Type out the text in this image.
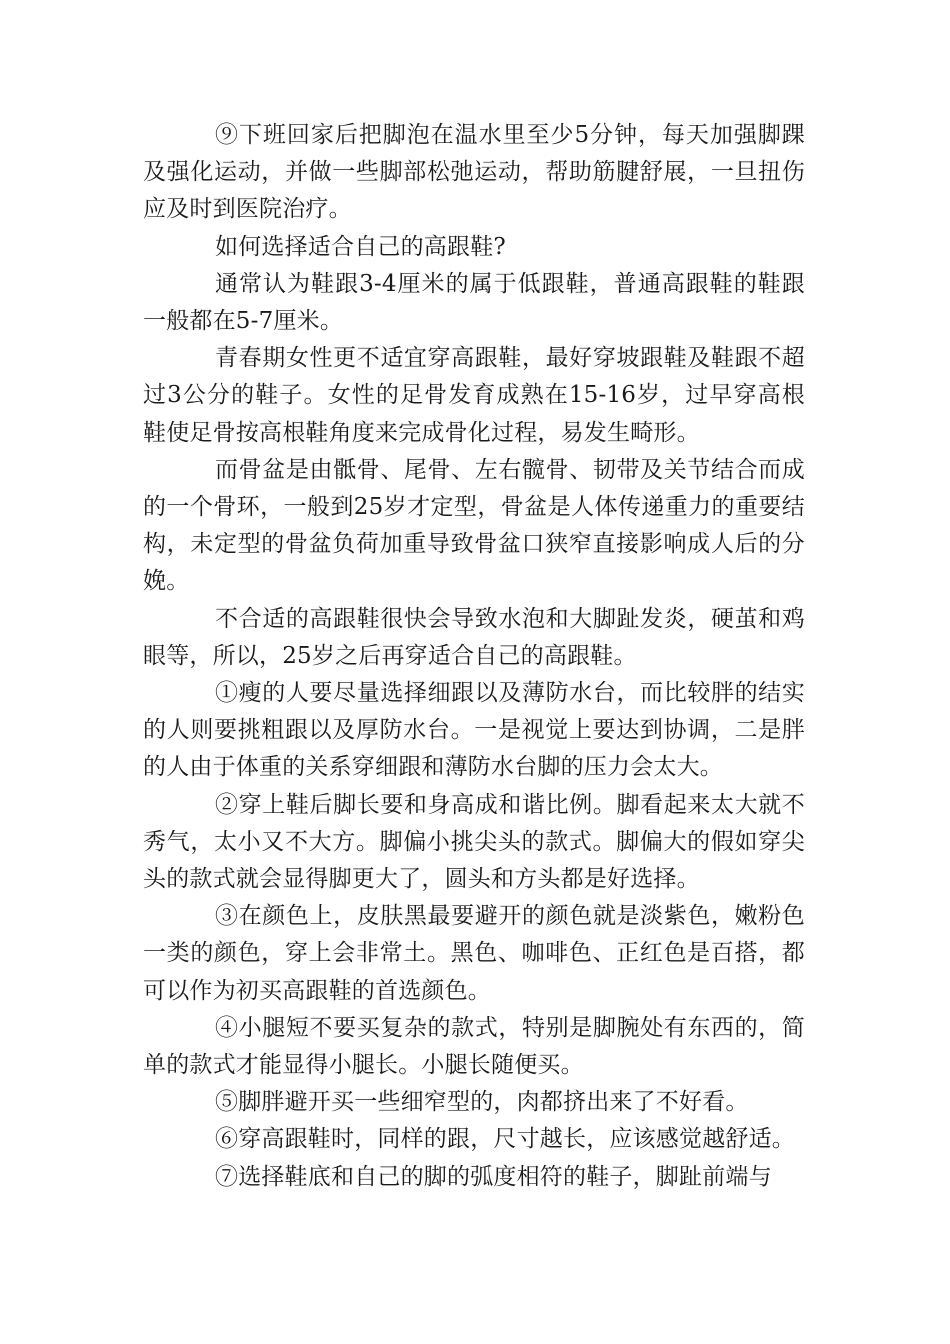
⑨下班回家后把脚泡在温水里至少5分钟，每天加强脚踝及强化运动，并做一些脚部松弛运动，帮助筋腱舒展，一旦扭伤应及时到医院治疗。

如何选择适合自己的高跟鞋?

通常认为鞋跟3-4厘米的属于低跟鞋，普通高跟鞋的鞋跟一般都在5-7厘米。

青春期女性更不适宜穿高跟鞋，最好穿坡跟鞋及鞋跟不超过3公分的鞋子。女性的足骨发育成熟在15-16岁，过早穿高根鞋使足骨按高根鞋角度来完成骨化过程，易发生畸形。

而骨盆是由骶骨、尾骨、左右髋骨、韧带及关节结合而成的一个骨环，一般到25岁才定型，骨盆是人体传递重力的重要结构，未定型的骨盆负荷加重导致骨盆口狭窄直接影响成人后的分娩。

不合适的高跟鞋很快会导致水泡和大脚趾发炎，硬茧和鸡眼等，所以，25岁之后再穿适合自己的高跟鞋。

①瘦的人要尽量选择细跟以及薄防水台，而比较胖的结实的人则要挑粗跟以及厚防水台。一是视觉上要达到协调，二是胖的人由于体重的关系穿细跟和薄防水台脚的压力会太大。

②穿上鞋后脚长要和身高成和谐比例。脚看起来太大就不秀气，太小又不大方。脚偏小挑尖头的款式。脚偏大的假如穿尖头的款式就会显得脚更大了，圆头和方头都是好选择。

③在颜色上，皮肤黑最要避开的颜色就是淡紫色，嫩粉色一类的颜色，穿上会非常土。黑色、咖啡色、正红色是百搭，都可以作为初买高跟鞋的首选颜色。

④小腿短不要买复杂的款式，特别是脚腕处有东西的，简单的款式才能显得小腿长。小腿长随便买。

⑤脚胖避开买一些细窄型的，肉都挤出来了不好看。

⑥穿高跟鞋时，同样的跟，尺寸越长，应该感觉越舒适。

⑦选择鞋底和自己的脚的弧度相符的鞋子，脚趾前端与
